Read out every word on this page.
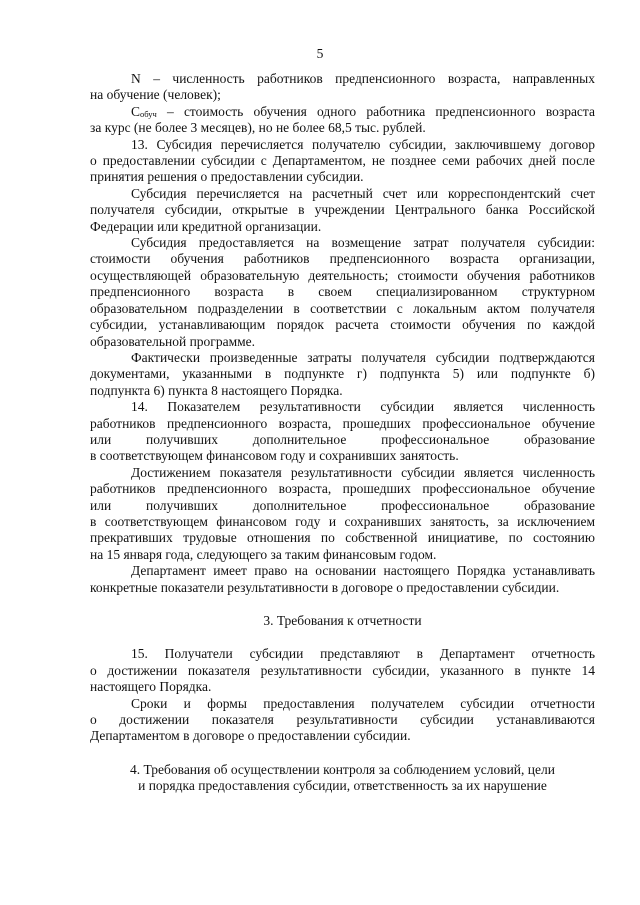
5
N – численность работников предпенсионного возраста, направленных
на обучение (человек);
$С_{обуч}$ – стоимость обучения одного работника предпенсионного возраста
за курс (не более 3 месяцев), но не более 68,5 тыс. рублей.
13. Субсидия перечисляется получателю субсидии, заключившему договор
о предоставлении субсидии с Департаментом, не позднее семи рабочих дней после
принятия решения о предоставлении субсидии.
Субсидия перечисляется на расчетный счет или корреспондентский счет
получателя субсидии, открытые в учреждении Центрального банка Российской
Федерации или кредитной организации.
Субсидия предоставляется на возмещение затрат получателя субсидии:
стоимости обучения работников предпенсионного возраста организации,
осуществляющей образовательную деятельность; стоимости обучения работников
предпенсионного возраста в своем специализированном структурном
образовательном подразделении в соответствии с локальным актом получателя
субсидии, устанавливающим порядок расчета стоимости обучения по каждой
образовательной программе.
Фактически произведенные затраты получателя субсидии подтверждаются
документами, указанными в подпункте г) подпункта 5) или подпункте б)
подпункта 6) пункта 8 настоящего Порядка.
14. Показателем результативности субсидии является численность
работников предпенсионного возраста, прошедших профессиональное обучение
или получивших дополнительное профессиональное образование
в соответствующем финансовом году и сохранивших занятость.
Достижением показателя результативности субсидии является численность
работников предпенсионного возраста, прошедших профессиональное обучение
или получивших дополнительное профессиональное образование
в соответствующем финансовом году и сохранивших занятость, за исключением
прекративших трудовые отношения по собственной инициативе, по состоянию
на 15 января года, следующего за таким финансовым годом.
Департамент имеет право на основании настоящего Порядка устанавливать
конкретные показатели результативности в договоре о предоставлении субсидии.
3. Требования к отчетности
15. Получатели субсидии представляют в Департамент отчетность
о достижении показателя результативности субсидии, указанного в пункте 14
настоящего Порядка.
Сроки и формы предоставления получателем субсидии отчетности
о достижении показателя результативности субсидии устанавливаются
Департаментом в договоре о предоставлении субсидии.
4. Требования об осуществлении контроля за соблюдением условий, цели
и порядка предоставления субсидии, ответственность за их нарушение
